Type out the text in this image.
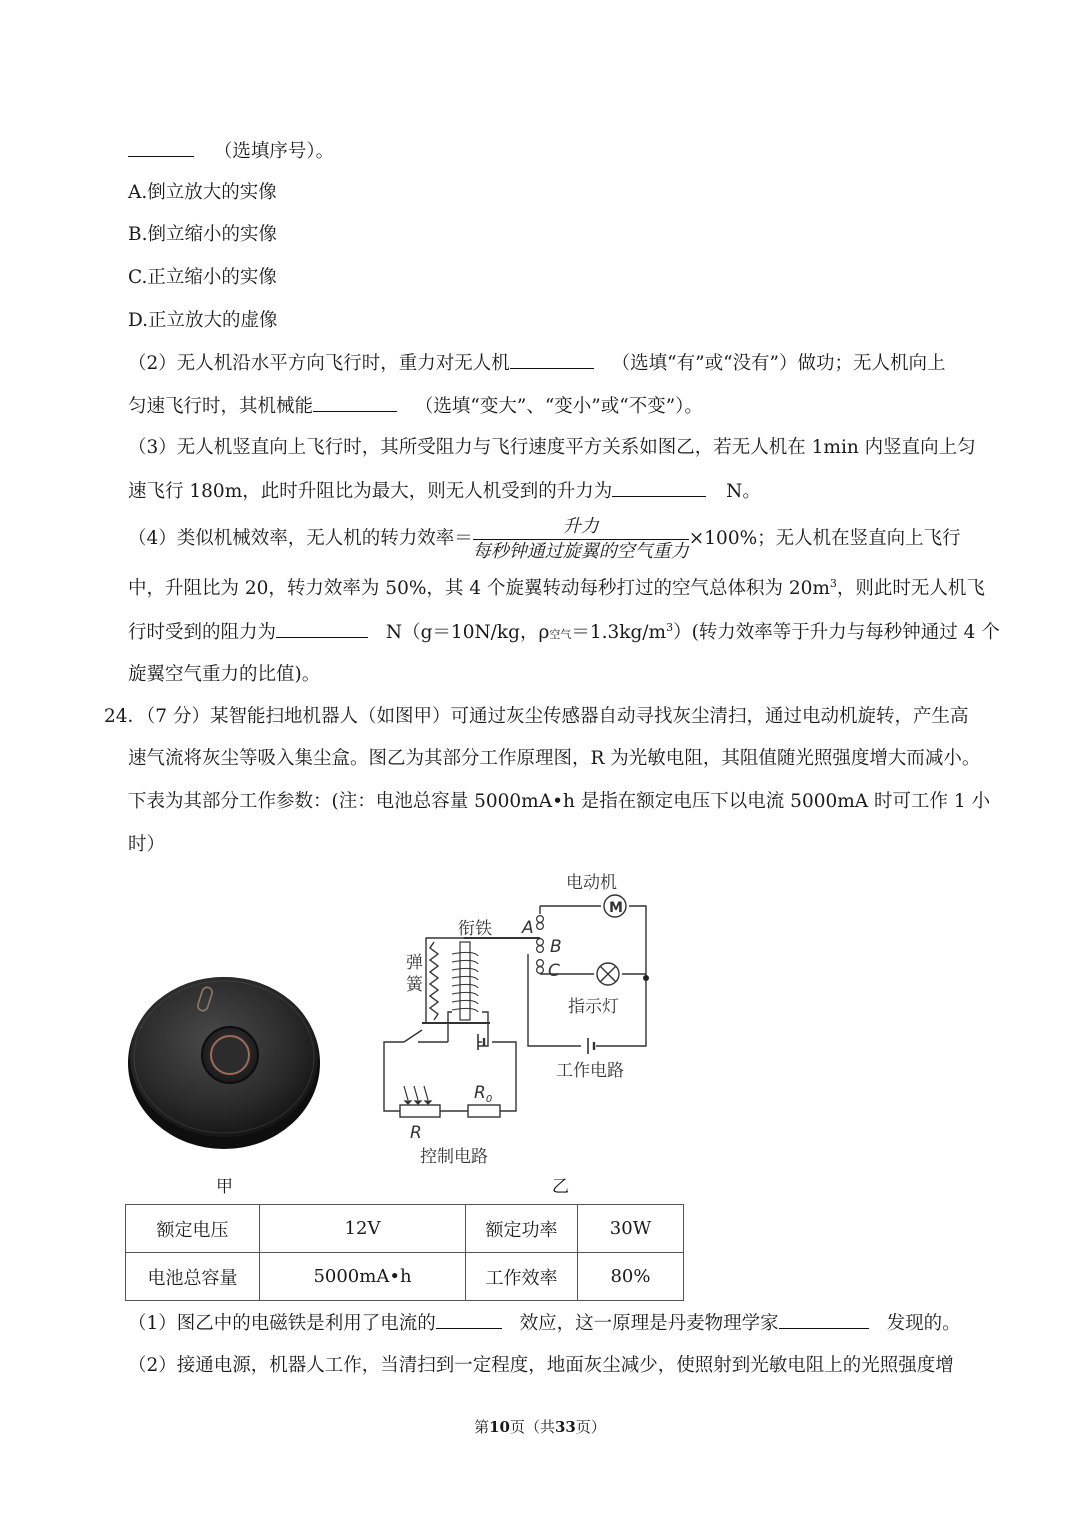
（选填序号）。
A.倒立放大的实像
B.倒立缩小的实像
C.正立缩小的实像
D.正立放大的虚像
（2）无人机沿水平方向飞行时，重力对无人机	（选填“有”或“没有”）做功；无人机向上
匀速飞行时，其机械能	（选填“变大”、“变小”或“不变”）。
（3）无人机竖直向上飞行时，其所受阻力与飞行速度平方关系如图乙，若无人机在 1min 内竖直向上匀
速飞行 180m，此时升阻比为最大，则无人机受到的升力为	N。
（4）类似机械效率，无人机的转力效率＝ $\frac{\text{升力}}{\text{每秒钟通过旋翼的空气重力}} \times 100\%$；无人机在竖直向上飞行
中，升阻比为 20，转力效率为 50%，其 4 个旋翼转动每秒打过的空气总体积为 $20m^3$，则此时无人机飞
行时受到的阻力为	N（g＝10N/kg，ρ空气$=1.3kg/m^3$）(转力效率等于升力与每秒钟通过 4 个
旋翼空气重力的比值)。
24．（7 分）某智能扫地机器人（如图甲）可通过灰尘传感器自动寻找灰尘清扫，通过电动机旋转，产生高
速气流将灰尘等吸入集尘盒。图乙为其部分工作原理图，R 为光敏电阻，其阻值随光照强度增大而减小。
下表为其部分工作参数：(注：电池总容量 5000mA•h 是指在额定电压下以电流 5000mA 时可工作 1 小
时）
电动机
M
衔铁
指示灯
工作电路
控制电路
A
B
C
R
$R_0$
弹簧
甲	乙
额定电压	12V	额定功率	30W
电池总容量	5000mA•h	工作效率	80%
（1）图乙中的电磁铁是利用了电流的	效应，这一原理是丹麦物理学家	发现的。
（2）接通电源，机器人工作，当清扫到一定程度，地面灰尘减少，使照射到光敏电阻上的光照强度增
第10页（共33页）
